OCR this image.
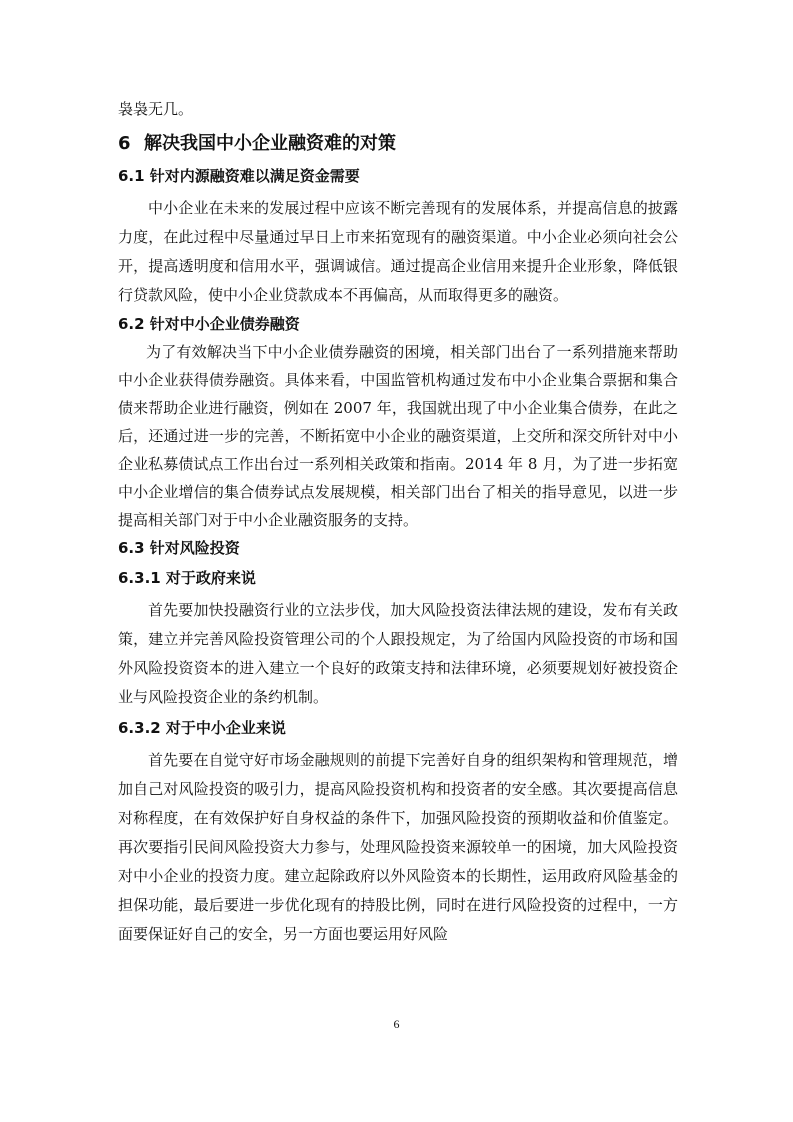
袅袅无几。

6 解决我国中小企业融资难的对策
6.1 针对内源融资难以满足资金需要

中小企业在未来的发展过程中应该不断完善现有的发展体系，并提高信息的披露力度，在此过程中尽量通过早日上市来拓宽现有的融资渠道。中小企业必须向社会公开，提高透明度和信用水平，强调诚信。通过提高企业信用来提升企业形象，降低银行贷款风险，使中小企业贷款成本不再偏高，从而取得更多的融资。

6.2 针对中小企业债券融资

为了有效解决当下中小企业债券融资的困境，相关部门出台了一系列措施来帮助中小企业获得债券融资。具体来看，中国监管机构通过发布中小企业集合票据和集合债来帮助企业进行融资，例如在 2007 年，我国就出现了中小企业集合债券，在此之后，还通过进一步的完善，不断拓宽中小企业的融资渠道，上交所和深交所针对中小企业私募债试点工作出台过一系列相关政策和指南。2014 年 8 月，为了进一步拓宽中小企业增信的集合债券试点发展规模，相关部门出台了相关的指导意见，以进一步提高相关部门对于中小企业融资服务的支持。

6.3 针对风险投资
6.3.1 对于政府来说

首先要加快投融资行业的立法步伐，加大风险投资法律法规的建设，发布有关政策，建立并完善风险投资管理公司的个人跟投规定，为了给国内风险投资的市场和国外风险投资资本的进入建立一个良好的政策支持和法律环境，必须要规划好被投资企业与风险投资企业的条约机制。

6.3.2 对于中小企业来说

首先要在自觉守好市场金融规则的前提下完善好自身的组织架构和管理规范，增加自己对风险投资的吸引力，提高风险投资机构和投资者的安全感。其次要提高信息对称程度，在有效保护好自身权益的条件下，加强风险投资的预期收益和价值鉴定。再次要指引民间风险投资大力参与，处理风险投资来源较单一的困境，加大风险投资对中小企业的投资力度。建立起除政府以外风险资本的长期性，运用政府风险基金的担保功能，最后要进一步优化现有的持股比例，同时在进行风险投资的过程中，一方面要保证好自己的安全，另一方面也要运用好风险

6
